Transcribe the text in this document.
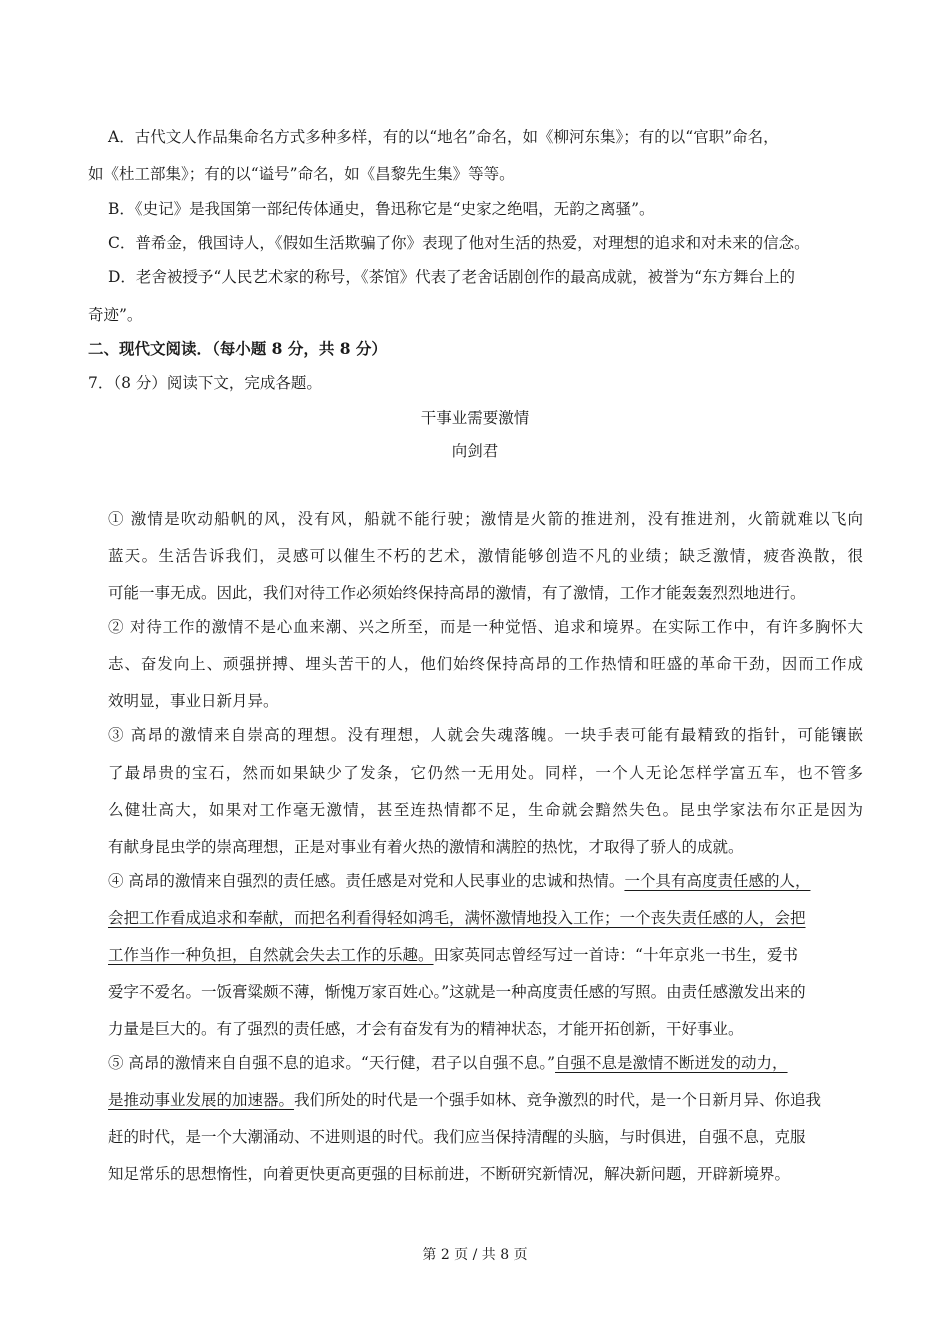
A．古代文人作品集命名方式多种多样，有的以“地名”命名，如《柳河东集》；有的以“官职”命名，
如《杜工部集》；有的以“谥号”命名，如《昌黎先生集》等等。
B．《史记》是我国第一部纪传体通史，鲁迅称它是“史家之绝唱，无韵之离骚”。
C．普希金，俄国诗人，《假如生活欺骗了你》表现了他对生活的热爱，对理想的追求和对未来的信念。
D．老舍被授予“人民艺术家的称号，《茶馆》代表了老舍话剧创作的最高成就，被誉为“东方舞台上的
奇迹”。
二、现代文阅读．（每小题 8 分，共 8 分）
7．（8 分）阅读下文，完成各题。
干事业需要激情
向剑君
① 激情是吹动船帆的风，没有风，船就不能行驶；激情是火箭的推进剂，没有推进剂，火箭就难以飞向
蓝天。生活告诉我们，灵感可以催生不朽的艺术，激情能够创造不凡的业绩；缺乏激情，疲沓涣散，很
可能一事无成。因此，我们对待工作必须始终保持高昂的激情，有了激情，工作才能轰轰烈烈地进行。
② 对待工作的激情不是心血来潮、兴之所至，而是一种觉悟、追求和境界。在实际工作中，有许多胸怀大
志、奋发向上、顽强拼搏、埋头苦干的人，他们始终保持高昂的工作热情和旺盛的革命干劲，因而工作成
效明显，事业日新月异。
③ 高昂的激情来自崇高的理想。没有理想，人就会失魂落魄。一块手表可能有最精致的指针，可能镶嵌
了最昂贵的宝石，然而如果缺少了发条，它仍然一无用处。同样，一个人无论怎样学富五车，也不管多
么健壮高大，如果对工作毫无激情，甚至连热情都不足，生命就会黯然失色。昆虫学家法布尔正是因为
有献身昆虫学的崇高理想，正是对事业有着火热的激情和满腔的热忱，才取得了骄人的成就。
④ 高昂的激情来自强烈的责任感。责任感是对党和人民事业的忠诚和热情。一个具有高度责任感的人，
会把工作看成追求和奉献，而把名利看得轻如鸿毛，满怀激情地投入工作；一个丧失责任感的人，会把
工作当作一种负担，自然就会失去工作的乐趣。田家英同志曾经写过一首诗：“十年京兆一书生，爱书
爱字不爱名。一饭膏粱颇不薄，惭愧万家百姓心。”这就是一种高度责任感的写照。由责任感激发出来的
力量是巨大的。有了强烈的责任感，才会有奋发有为的精神状态，才能开拓创新，干好事业。
⑤ 高昂的激情来自自强不息的追求。“天行健，君子以自强不息。”自强不息是激情不断迸发的动力，
是推动事业发展的加速器。我们所处的时代是一个强手如林、竞争激烈的时代，是一个日新月异、你追我
赶的时代，是一个大潮涌动、不进则退的时代。我们应当保持清醒的头脑，与时俱进，自强不息，克服
知足常乐的思想惰性，向着更快更高更强的目标前进，不断研究新情况，解决新问题，开辟新境界。
第 2 页 / 共 8 页
